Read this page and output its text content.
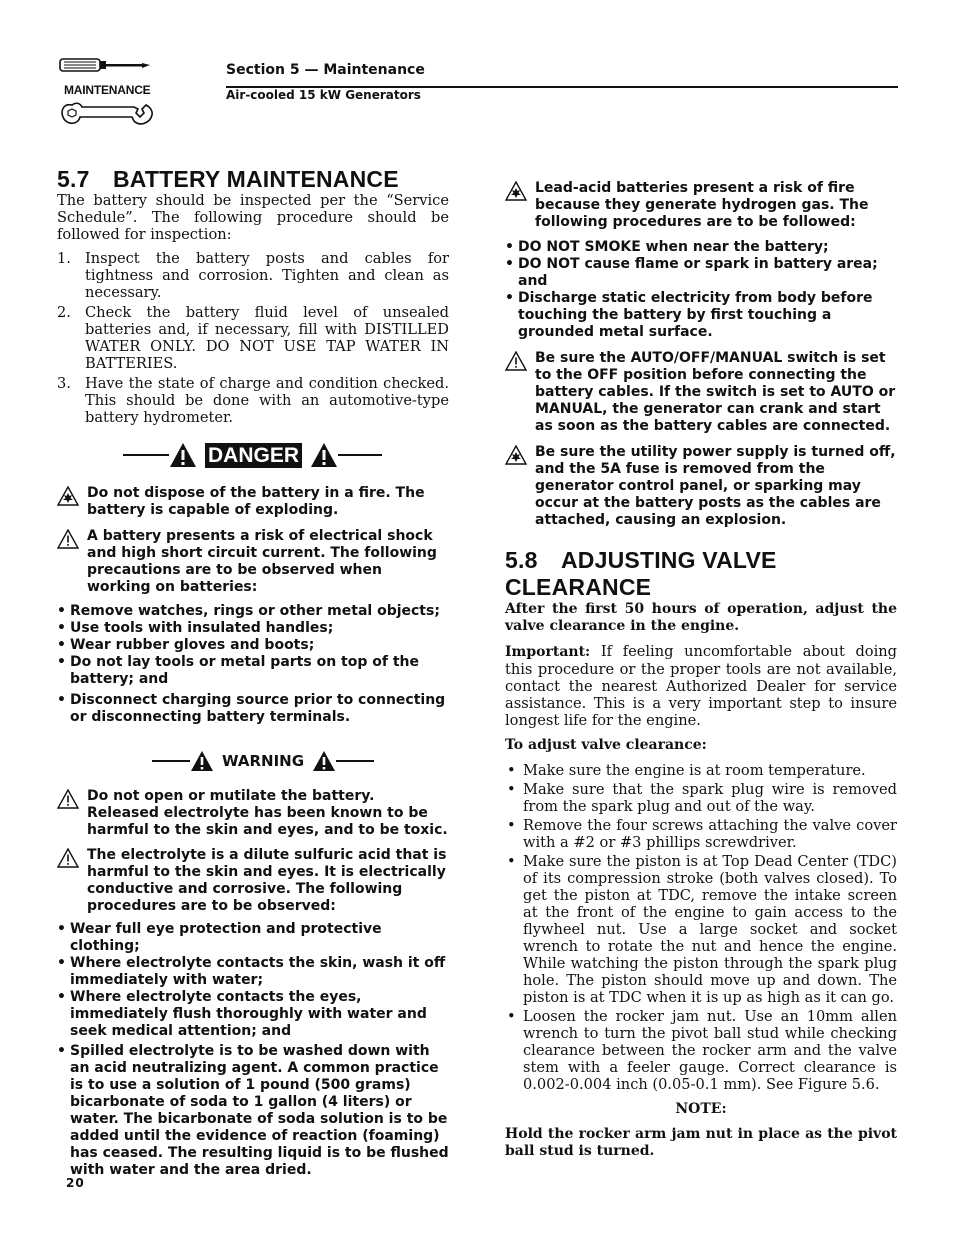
MAINTENANCE
Section 5 — Maintenance
Air-cooled 15 kW Generators
5.7 BATTERY MAINTENANCE
The battery should be inspected per the “Service Schedule”. The following procedure should be followed for inspection:
1. Inspect the battery posts and cables for tightness and corrosion. Tighten and clean as necessary.
2. Check the battery fluid level of unsealed batteries and, if necessary, fill with DISTILLED WATER ONLY. DO NOT USE TAP WATER IN BATTERIES.
3. Have the state of charge and condition checked. This should be done with an automotive-type battery hydrometer.
DANGER
Do not dispose of the battery in a fire. The battery is capable of exploding.
A battery presents a risk of electrical shock and high short circuit current. The following precautions are to be observed when working on batteries:
• Remove watches, rings or other metal objects;
• Use tools with insulated handles;
• Wear rubber gloves and boots;
• Do not lay tools or metal parts on top of the battery; and
• Disconnect charging source prior to connecting or disconnecting battery terminals.
WARNING
Do not open or mutilate the battery. Released electrolyte has been known to be harmful to the skin and eyes, and to be toxic.
The electrolyte is a dilute sulfuric acid that is harmful to the skin and eyes. It is electrically conductive and corrosive. The following procedures are to be observed:
• Wear full eye protection and protective clothing;
• Where electrolyte contacts the skin, wash it off immediately with water;
• Where electrolyte contacts the eyes, immediately flush thoroughly with water and seek medical attention; and
• Spilled electrolyte is to be washed down with an acid neutralizing agent. A common practice is to use a solution of 1 pound (500 grams) bicarbonate of soda to 1 gallon (4 liters) or water. The bicarbonate of soda solution is to be added until the evidence of reaction (foaming) has ceased. The resulting liquid is to be flushed with water and the area dried.
Lead-acid batteries present a risk of fire because they generate hydrogen gas. The following procedures are to be followed:
• DO NOT SMOKE when near the battery;
• DO NOT cause flame or spark in battery area; and
• Discharge static electricity from body before touching the battery by first touching a grounded metal surface.
Be sure the AUTO/OFF/MANUAL switch is set to the OFF position before connecting the battery cables. If the switch is set to AUTO or MANUAL, the generator can crank and start as soon as the battery cables are connected.
Be sure the utility power supply is turned off, and the 5A fuse is removed from the generator control panel, or sparking may occur at the battery posts as the cables are attached, causing an explosion.
5.8 ADJUSTING VALVE CLEARANCE
After the first 50 hours of operation, adjust the valve clearance in the engine.
Important: If feeling uncomfortable about doing this procedure or the proper tools are not available, contact the nearest Authorized Dealer for service assistance. This is a very important step to insure longest life for the engine.
To adjust valve clearance:
• Make sure the engine is at room temperature.
• Make sure that the spark plug wire is removed from the spark plug and out of the way.
• Remove the four screws attaching the valve cover with a #2 or #3 phillips screwdriver.
• Make sure the piston is at Top Dead Center (TDC) of its compression stroke (both valves closed). To get the piston at TDC, remove the intake screen at the front of the engine to gain access to the flywheel nut. Use a large socket and socket wrench to rotate the nut and hence the engine. While watching the piston through the spark plug hole. The piston should move up and down. The piston is at TDC when it is up as high as it can go.
• Loosen the rocker jam nut. Use an 10mm allen wrench to turn the pivot ball stud while checking clearance between the rocker arm and the valve stem with a feeler gauge. Correct clearance is 0.002-0.004 inch (0.05-0.1 mm). See Figure 5.6.
NOTE:
Hold the rocker arm jam nut in place as the pivot ball stud is turned.
20
